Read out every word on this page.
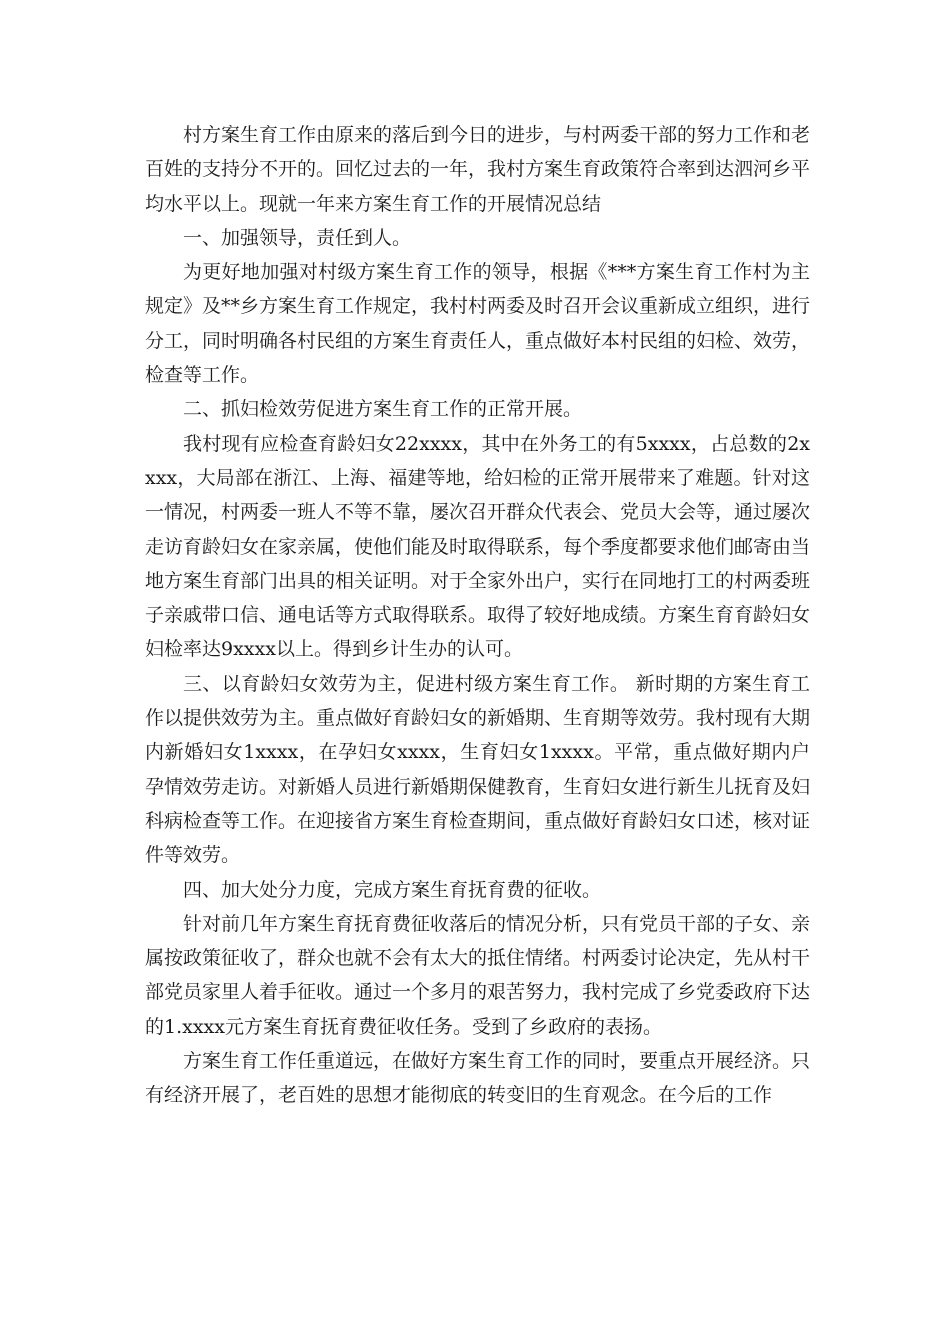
村方案生育工作由原来的落后到今日的进步，与村两委干部的努力工作和老百姓的支持分不开的。回忆过去的一年，我村方案生育政策符合率到达泗河乡平均水平以上。现就一年来方案生育工作的开展情况总结

一、加强领导，责任到人。

为更好地加强对村级方案生育工作的领导，根据《***方案生育工作村为主规定》及**乡方案生育工作规定，我村村两委及时召开会议重新成立组织，进行分工，同时明确各村民组的方案生育责任人，重点做好本村民组的妇检、效劳，检查等工作。

二、抓妇检效劳促进方案生育工作的正常开展。

我村现有应检查育龄妇女22xxxx，其中在外务工的有5xxxx，占总数的2xxxx，大局部在浙江、上海、福建等地，给妇检的正常开展带来了难题。针对这一情况，村两委一班人不等不靠，屡次召开群众代表会、党员大会等，通过屡次走访育龄妇女在家亲属，使他们能及时取得联系，每个季度都要求他们邮寄由当地方案生育部门出具的相关证明。对于全家外出户，实行在同地打工的村两委班子亲戚带口信、通电话等方式取得联系。取得了较好地成绩。方案生育育龄妇女妇检率达9xxxx以上。得到乡计生办的认可。

三、以育龄妇女效劳为主，促进村级方案生育工作。 新时期的方案生育工作以提供效劳为主。重点做好育龄妇女的新婚期、生育期等效劳。我村现有大期内新婚妇女1xxxx，在孕妇女xxxx，生育妇女1xxxx。平常，重点做好期内户孕情效劳走访。对新婚人员进行新婚期保健教育，生育妇女进行新生儿抚育及妇科病检查等工作。在迎接省方案生育检查期间，重点做好育龄妇女口述，核对证件等效劳。

四、加大处分力度，完成方案生育抚育费的征收。

针对前几年方案生育抚育费征收落后的情况分析，只有党员干部的子女、亲属按政策征收了，群众也就不会有太大的抵住情绪。村两委讨论决定，先从村干部党员家里人着手征收。通过一个多月的艰苦努力，我村完成了乡党委政府下达的1.xxxx元方案生育抚育费征收任务。受到了乡政府的表扬。

方案生育工作任重道远，在做好方案生育工作的同时，要重点开展经济。只有经济开展了，老百姓的思想才能彻底的转变旧的生育观念。在今后的工作
